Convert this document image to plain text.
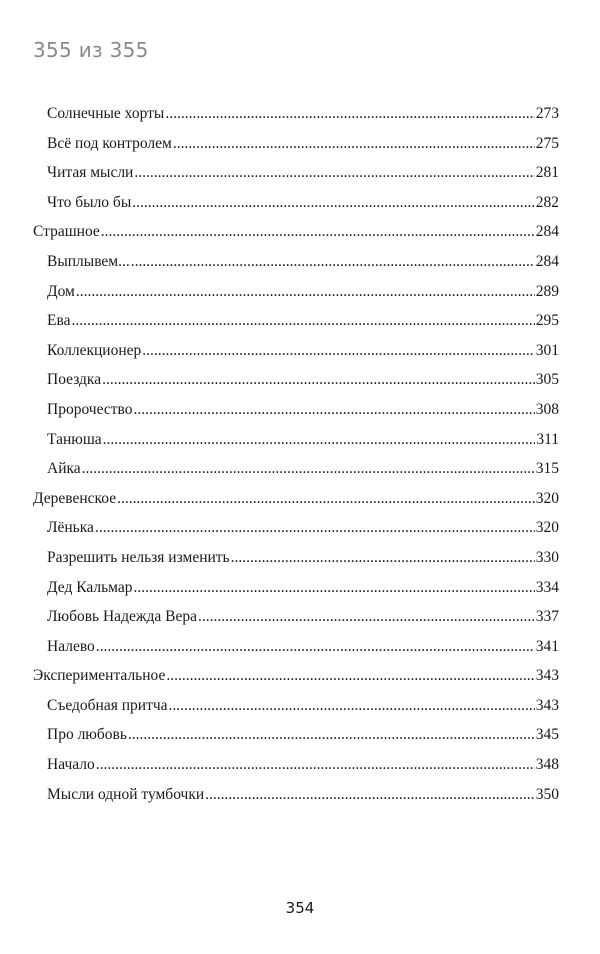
355 из 355
Солнечные хорты .....	273
Всё под контролем .....	275
Читая мысли .....	281
Что было бы .....	282
Страшное .....	284
Выплывем... .....	284
Дом .....	289
Ева .....	295
Коллекционер .....	301
Поездка .....	305
Пророчество .....	308
Танюша .....	311
Айка .....	315
Деревенское .....	320
Лёнька .....	320
Разрешить нельзя изменить .....	330
Дед Кальмар .....	334
Любовь Надежда Вера .....	337
Налево .....	341
Экспериментальное .....	343
Съедобная притча .....	343
Про любовь .....	345
Начало .....	348
Мысли одной тумбочки .....	350
354
